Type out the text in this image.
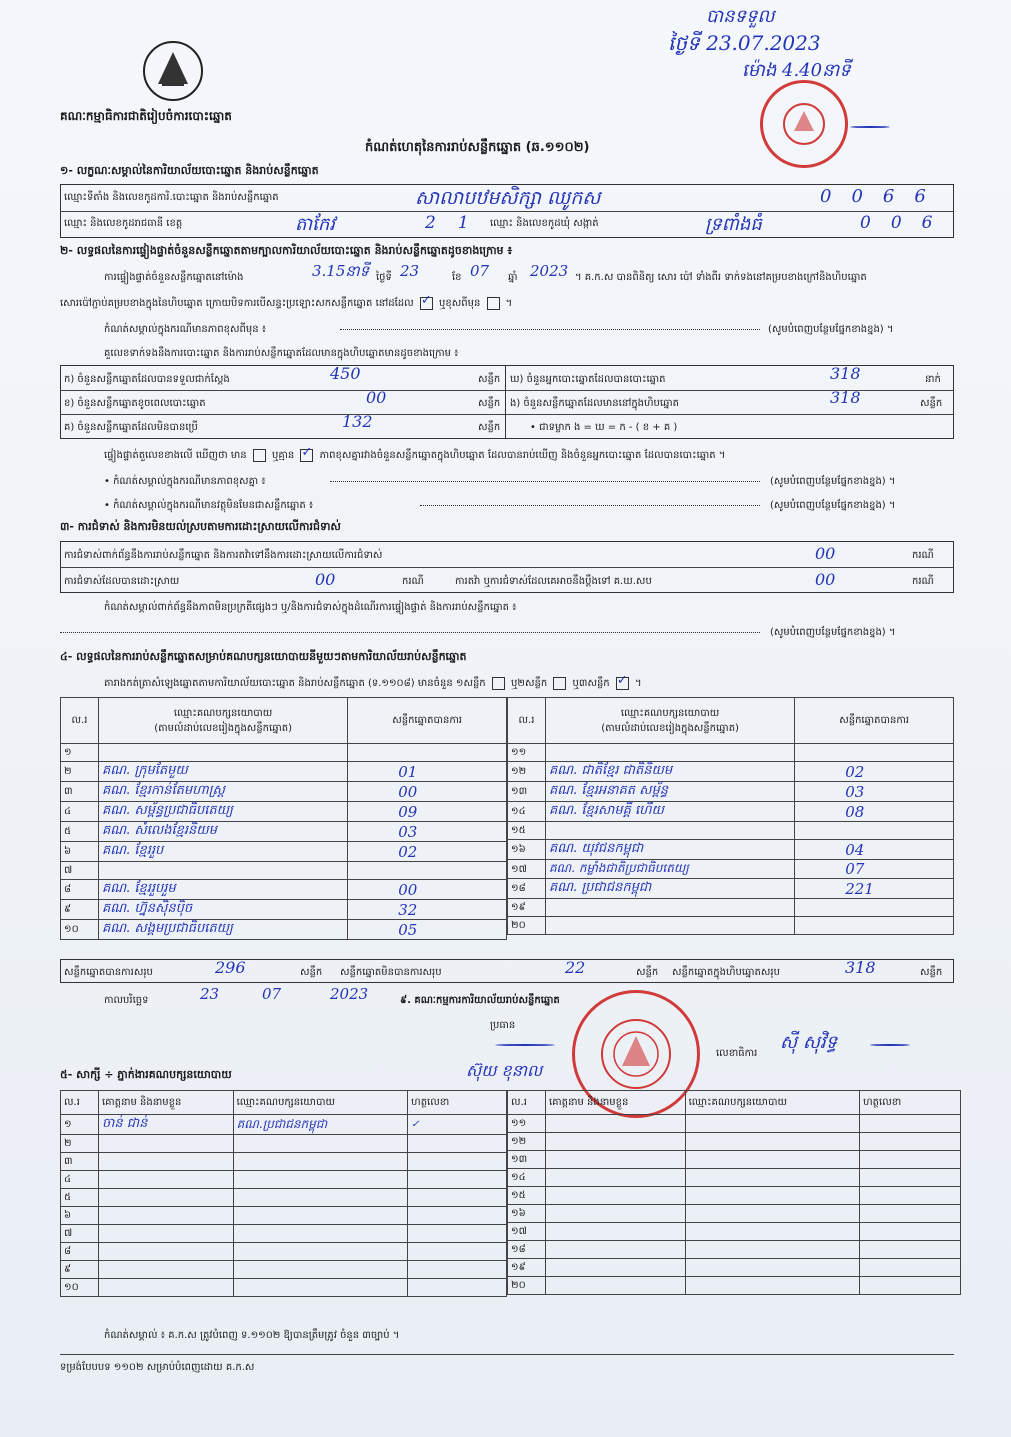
បានទទួល
ថ្ងៃទី 23.07.2023
ម៉ោង 4.40នាទី
គណៈកម្មាធិការជាតិរៀបចំការបោះឆ្នោត
កំណត់ហេតុនៃការរាប់សន្លឹកឆ្នោត (ឆ.១១០២)
១- លក្ខណៈសម្គាល់នៃការិយាល័យបោះឆ្នោត និងរាប់សន្លឹកឆ្នោត
ឈ្មោះទីតាំង និងលេខកូដការិ.បោះឆ្នោត និងរាប់សន្លឹកឆ្នោត	សាលាបឋមសិក្សា ឈូកស	0066
ឈ្មោះ និងលេខកូដរាជធានី ខេត្ត	តាកែវ	21 ឈ្មោះ និងលេខកូដឃុំ សង្កាត់	ទ្រពាំងធំ	006
២- លទ្ធផលនៃការផ្ទៀងផ្ទាត់ចំនួនសន្លឹកឆ្នោតតាមក្បាលការិយាល័យបោះឆ្នោត និងរាប់សន្លឹកឆ្នោតដូចខាងក្រោម ៖
ការផ្ទៀងផ្ទាត់ចំនួនសន្លឹកឆ្នោតនៅម៉ោង	3.15នាទី ថ្ងៃទី 23	ខែ 07 ឆ្នាំ 2023 ។ គ.ក.ស បានពិនិត្យ សោរ ប៉ៅ ទាំងពីរ ទាក់ទងនៅគម្របខាងក្រៅនិងហិបឆ្នោត
សោរប៉ៅភ្ជាប់គម្របខាងក្នុងនៃហិបឆ្នោត ក្រោយបិទការបើសន្ទះប្រឡោះសកសន្លឹកឆ្នោត នៅដដែល ✓	ឬខុសពីមុន  ។
កំណត់សម្គាល់ក្នុងករណីមានភាពខុសពីមុន ៖	(សូមបំពេញបន្ថែមផ្នែកខាងខ្នង) ។
គួលេខទាក់ទងនឹងការបោះឆ្នោត និងការរាប់សន្លឹកឆ្នោតដែលមានក្នុងហិបឆ្នោតមានដូចខាងក្រោម ៖
ក) ចំនួនសន្លឹកឆ្នោតដែលបានទទួលជាក់ស្តែង	450	សន្លឹក
ខ) ចំនួនសន្លឹកឆ្នោតខូចពេលបោះឆ្នោត	00	សន្លឹក
គ) ចំនួនសន្លឹកឆ្នោតដែលមិនបានប្រើ	132	សន្លឹក
ឃ) ចំនួនអ្នកបោះឆ្នោតដែលបានបោះឆ្នោត	318	នាក់
ង) ចំនួនសន្លឹកឆ្នោតដែលមាននៅក្នុងហិបឆ្នោត	318	សន្លឹក
• ជាទម្លាក ង = ឃ = ក - ( ខ + គ )
ផ្ទៀងផ្ទាត់តួលេខខាងលើ ឃើញថា មាន	ឬគ្មាន ✓	ភាពខុសគ្នារវាងចំនួនសន្លឹកឆ្នោតក្នុងហិបឆ្នោត ដែលបានរាប់ឃើញ និងចំនួនអ្នកបោះឆ្នោត ដែលបានបោះឆ្នោត ។
• កំណត់សម្គាល់ក្នុងករណីមានភាពខុសគ្នា ៖	(សូមបំពេញបន្ថែមផ្នែកខាងខ្នង) ។
• កំណត់សម្គាល់ក្នុងករណីមានវត្ថុមិនមែនជាសន្លឹកឆ្នោត ៖	(សូមបំពេញបន្ថែមផ្នែកខាងខ្នង) ។
៣- ការជំទាស់ និងការមិនយល់ស្របតាមការដោះស្រាយលើការជំទាស់
ការជំទាស់ពាក់ព័ន្ធនឹងការរាប់សន្លឹកឆ្នោត និងការតវ៉ាទៅនឹងការដោះស្រាយលើការជំទាស់	00	ករណី
ការជំទាស់ដែលបានដោះស្រាយ	00	ករណី	ការតវ៉ា ឬការជំទាស់ដែលគេអាចនឹងប្ដឹងទៅ គ.ឃ.សប	00	ករណី
កំណត់សម្គាល់ពាក់ព័ន្ធនឹងភាពមិនប្រក្រតីផ្សេងៗ ឬ/និងការជំទាស់ក្នុងដំណើរការផ្ទៀងផ្ទាត់ និងការរាប់សន្លឹកឆ្នោត ៖
(សូមបំពេញបន្ថែមផ្នែកខាងខ្នង) ។
៤- លទ្ធផលនៃការរាប់សន្លឹកឆ្នោតសម្រាប់គណបក្សនយោបាយនីមួយៗតាមការិយាល័យរាប់សន្លឹកឆ្នោត
តារាងកត់ត្រាសំឡេងឆ្នោតតាមការិយាល័យបោះឆ្នោត និងរាប់សន្លឹកឆ្នោត (ទ.១១០៨) មានចំនួន ១សន្លឹក	ឬ២សន្លឹក	ឬ៣សន្លឹក ✓ ។
ល.រ	ឈ្មោះគណបក្សនយោបាយ
(តាមលំដាប់លេខរៀងក្នុងសន្លឹកឆ្នោត)	សន្លឹកឆ្នោតបានការ
១		
២	គណ. ក្រុមតែមួយ	01
៣	គណ. ខ្មែរកាន់តែមហាស្រ្ត	00
៤	គណ. សម្ព័ន្ធប្រជាធិបតេយ្យ	09
៥	គណ. សំលេងខ្មែរនិយម	03
៦	គណ. ខ្មែររួប	02
៧		
៨	គណ. ខ្មែររួបរួម	00
៩	គណ. ហ្វ៊ុនស៊ិនប៉ិច	32
១០	គណ. សង្គមប្រជាធិបតេយ្យ	05
ល.រ	ឈ្មោះគណបក្សនយោបាយ
(តាមលំដាប់លេខរៀងក្នុងសន្លឹកឆ្នោត)	សន្លឹកឆ្នោតបានការ
១១		
១២	គណ. ជាតិខ្មែរ ជាតិនិយម	02
១៣	គណ. ខ្មែរអនាគត សម្ព័ន្ធ	03
១៤	គណ. ខ្មែរសាមគ្គី ហើយ	08
១៥		
១៦	គណ. យុវជនកម្ពុជា	04
១៧	គណ. កម្លាំងជាតិប្រជាធិបតេយ្យ	07
១៨	គណ. ប្រជាជនកម្ពុជា	221
១៩		
២០		
សន្លឹកឆ្នោតបានការសរុប	296	សន្លឹក សន្លឹកឆ្នោតមិនបានការសរុប	22	សន្លឹក សន្លឹកឆ្នោតក្នុងហិបឆ្នោតសរុប	318	សន្លឹក
កាលបរិច្ឆេទ	23	07	2023	៩. គណៈកម្មការការិយាល័យរាប់សន្លឹកឆ្នោត
ប្រធាន
ស៊ុយ ខុនាល
លេខាធិការ
សុី សុវិទ្ធ
៥- សាក្សី ÷ ភ្នាក់ងារគណបក្សនយោបាយ
ល.រ	គោត្តនាម និងនាមខ្លួន	ឈ្មោះគណបក្សនយោបាយ	ហត្ថលេខា
១	ចាន់ ជាន់	គណ.ប្រជាជនកម្ពុជា	✓
២			
៣			
៤			
៥			
៦			
៧			
៨			
៩			
១០			
ល.រ	គោត្តនាម និងនាមខ្លួន	ឈ្មោះគណបក្សនយោបាយ	ហត្ថលេខា
១១			
១២			
១៣			
១៤			
១៥			
១៦			
១៧			
១៨			
១៩			
២០			
កំណត់សម្គាល់ ៖ គ.ក.ស ត្រូវបំពេញ ទ.១១០២ ឱ្យបានត្រឹមត្រូវ ចំនួន ៣ច្បាប់ ។
ទម្រង់បែបបទ ១១០២ សម្រាប់បំពេញដោយ គ.ក.ស
